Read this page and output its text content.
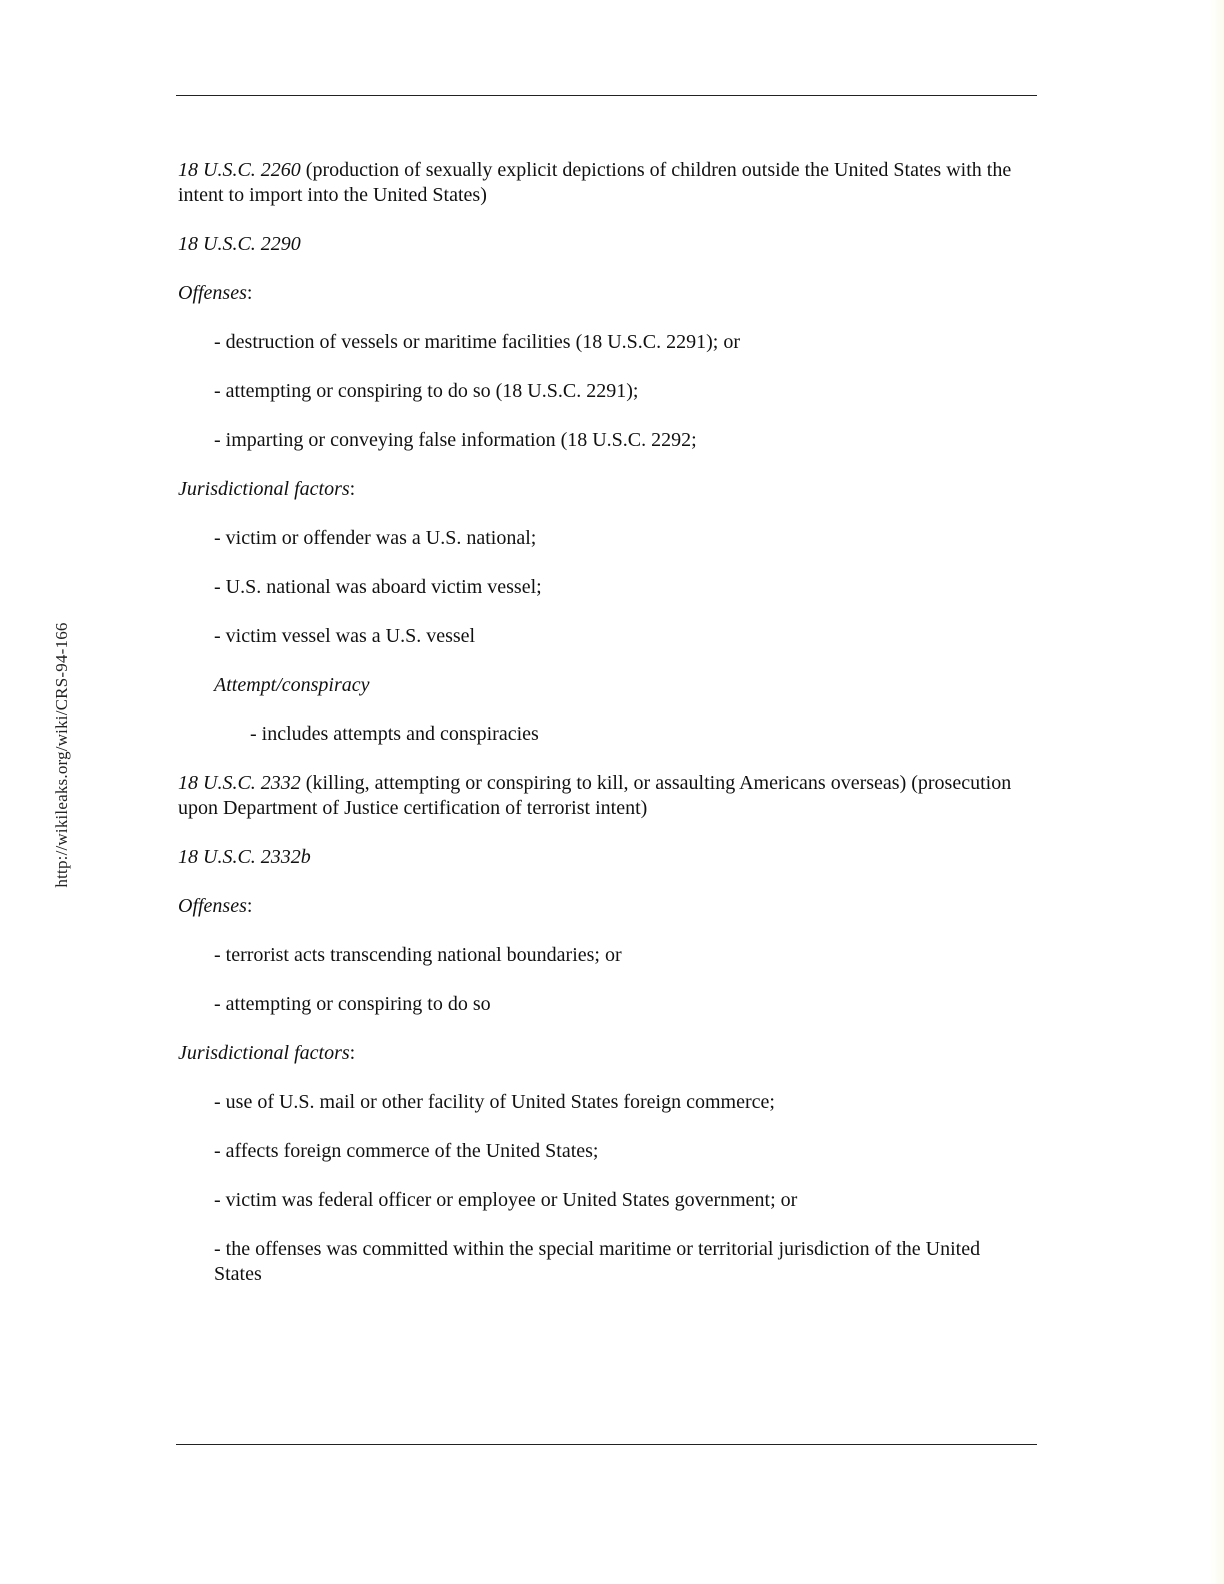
http://wikileaks.org/wiki/CRS-94-166

18 U.S.C. 2260 (production of sexually explicit depictions of children outside the United States with the intent to import into the United States)

18 U.S.C. 2290

Offenses:

- destruction of vessels or maritime facilities (18 U.S.C. 2291); or

- attempting or conspiring to do so (18 U.S.C. 2291);

- imparting or conveying false information (18 U.S.C. 2292;

Jurisdictional factors:

- victim or offender was a U.S. national;

- U.S. national was aboard victim vessel;

- victim vessel was a U.S. vessel

Attempt/conspiracy

- includes attempts and conspiracies

18 U.S.C. 2332 (killing, attempting or conspiring to kill, or assaulting Americans overseas) (prosecution upon Department of Justice certification of terrorist intent)

18 U.S.C. 2332b

Offenses:

- terrorist acts transcending national boundaries; or

- attempting or conspiring to do so

Jurisdictional factors:

- use of U.S. mail or other facility of United States foreign commerce;

- affects foreign commerce of the United States;

- victim was federal officer or employee or United States government; or

- the offenses was committed within the special maritime or territorial jurisdiction of the United States
